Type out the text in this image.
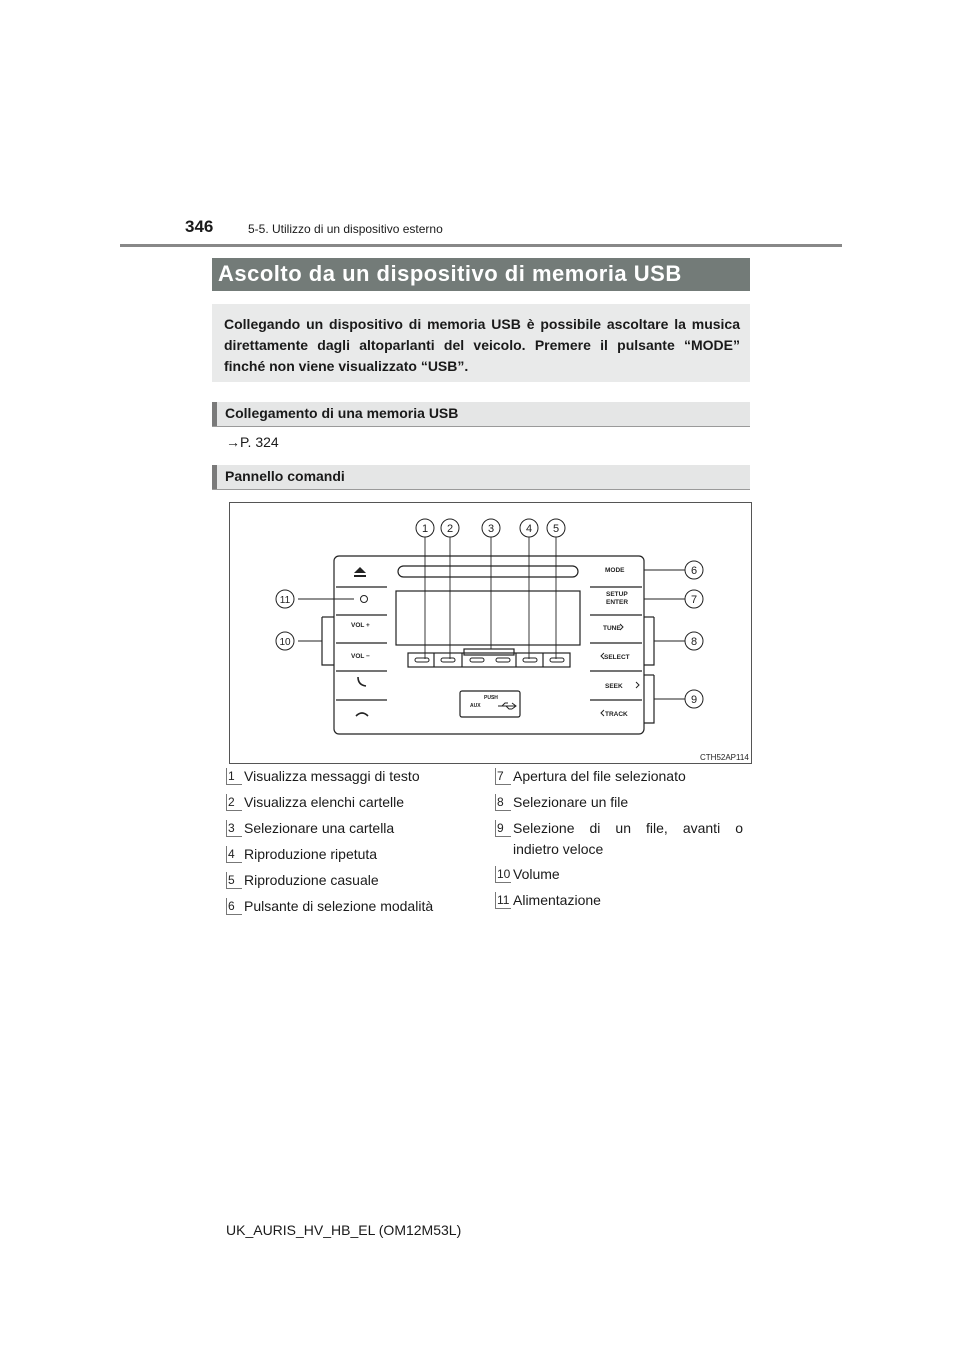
346	5-5. Utilizzo di un dispositivo esterno
Ascolto da un dispositivo di memoria USB

Collegando un dispositivo di memoria USB è possibile ascoltare la musica direttamente dagli altoparlanti del veicolo. Premere il pulsante “MODE” finché non viene visualizzato “USB”.

Collegamento di una memoria USB
→P. 324
Pannello comandi
VOL +
VOL −
MODE
SETUP
ENTER
TUNE
SELECT
SEEK
TRACK
PUSH
AUX
1 2	3	4 5
6
7
8
9
10
11
CTH52AP114
1 Visualizza messaggi di testo
2 Visualizza elenchi cartelle
3 Selezionare una cartella
4 Riproduzione ripetuta
5 Riproduzione casuale
6 Pulsante di selezione modalità
7 Apertura del file selezionato
8 Selezionare un file
9 Selezione di un file, avanti o
indietro veloce
10 Volume
11 Alimentazione
UK_AURIS_HV_HB_EL (OM12M53L)
